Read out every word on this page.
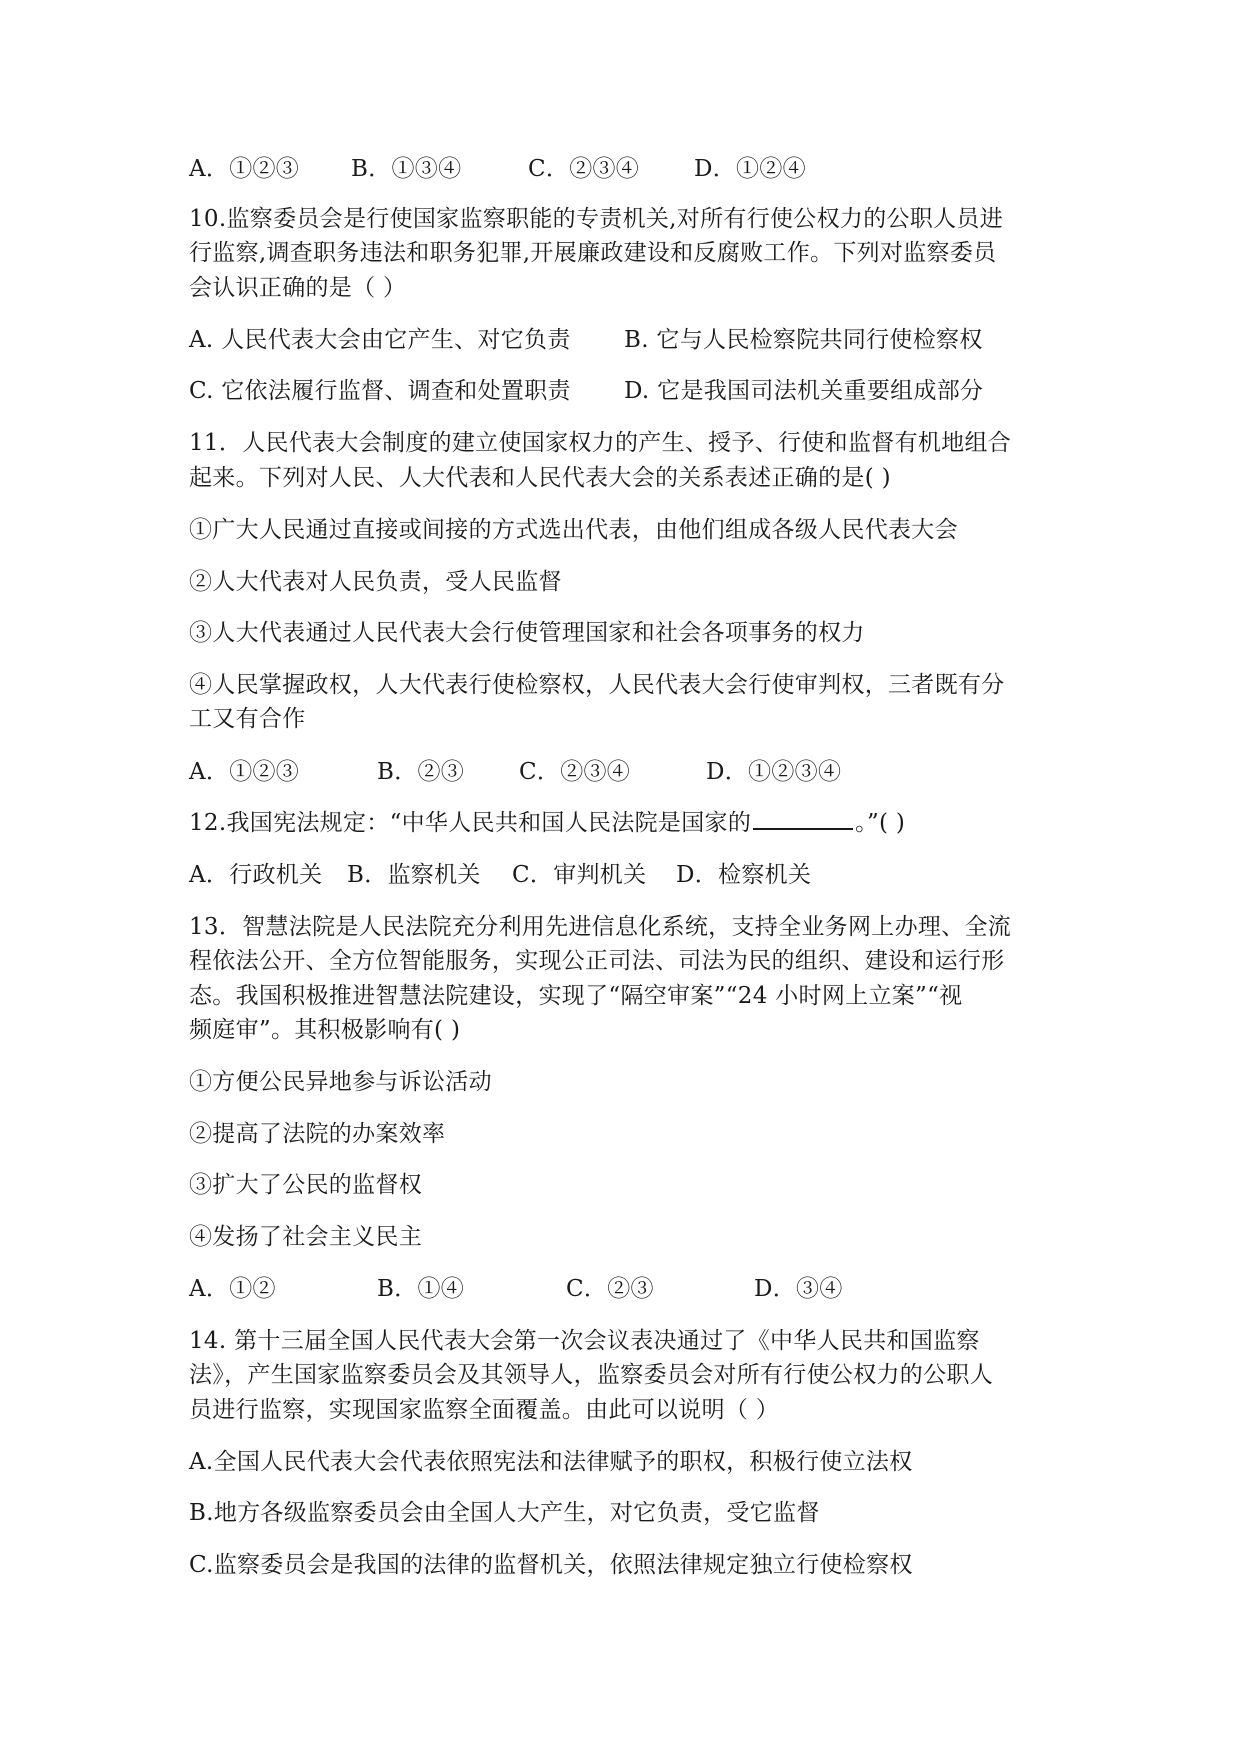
A．①②③ B．①③④	C．②③④ D．①②④
10.监察委员会是行使国家监察职能的专责机关,对所有行使公权力的公职人员进
行监察,调查职务违法和职务犯罪,开展廉政建设和反腐败工作。下列对监察委员
会认识正确的是（ ）
A. 人民代表大会由它产生、对它负责 B. 它与人民检察院共同行使检察权
C. 它依法履行监督、调查和处置职责 D. 它是我国司法机关重要组成部分
11．人民代表大会制度的建立使国家权力的产生、授予、行使和监督有机地组合
起来。下列对人民、人大代表和人民代表大会的关系表述正确的是( )
①广大人民通过直接或间接的方式选出代表，由他们组成各级人民代表大会
②人大代表对人民负责，受人民监督
③人大代表通过人民代表大会行使管理国家和社会各项事务的权力
④人民掌握政权，人大代表行使检察权，人民代表大会行使审判权，三者既有分
工又有合作
A．①②③	B．②③ C．②③④	D．①②③④
12.我国宪法规定：“中华人民共和国人民法院是国家的	。”( )
A．行政机关 B．监察机关 C．审判机关 D．检察机关
13．智慧法院是人民法院充分利用先进信息化系统，支持全业务网上办理、全流
程依法公开、全方位智能服务，实现公正司法、司法为民的组织、建设和运行形
态。我国积极推进智慧法院建设，实现了“隔空审案”“24 小时网上立案”“视
频庭审”。其积极影响有( )
①方便公民异地参与诉讼活动
②提高了法院的办案效率
③扩大了公民的监督权
④发扬了社会主义民主
A．①②	B．①④	C．②③	D．③④
14. 第十三届全国人民代表大会第一次会议表决通过了《中华人民共和国监察
法》，产生国家监察委员会及其领导人，监察委员会对所有行使公权力的公职人
员进行监察，实现国家监察全面覆盖。由此可以说明（ ）
A.全国人民代表大会代表依照宪法和法律赋予的职权，积极行使立法权
B.地方各级监察委员会由全国人大产生，对它负责，受它监督
C.监察委员会是我国的法律的监督机关，依照法律规定独立行使检察权
